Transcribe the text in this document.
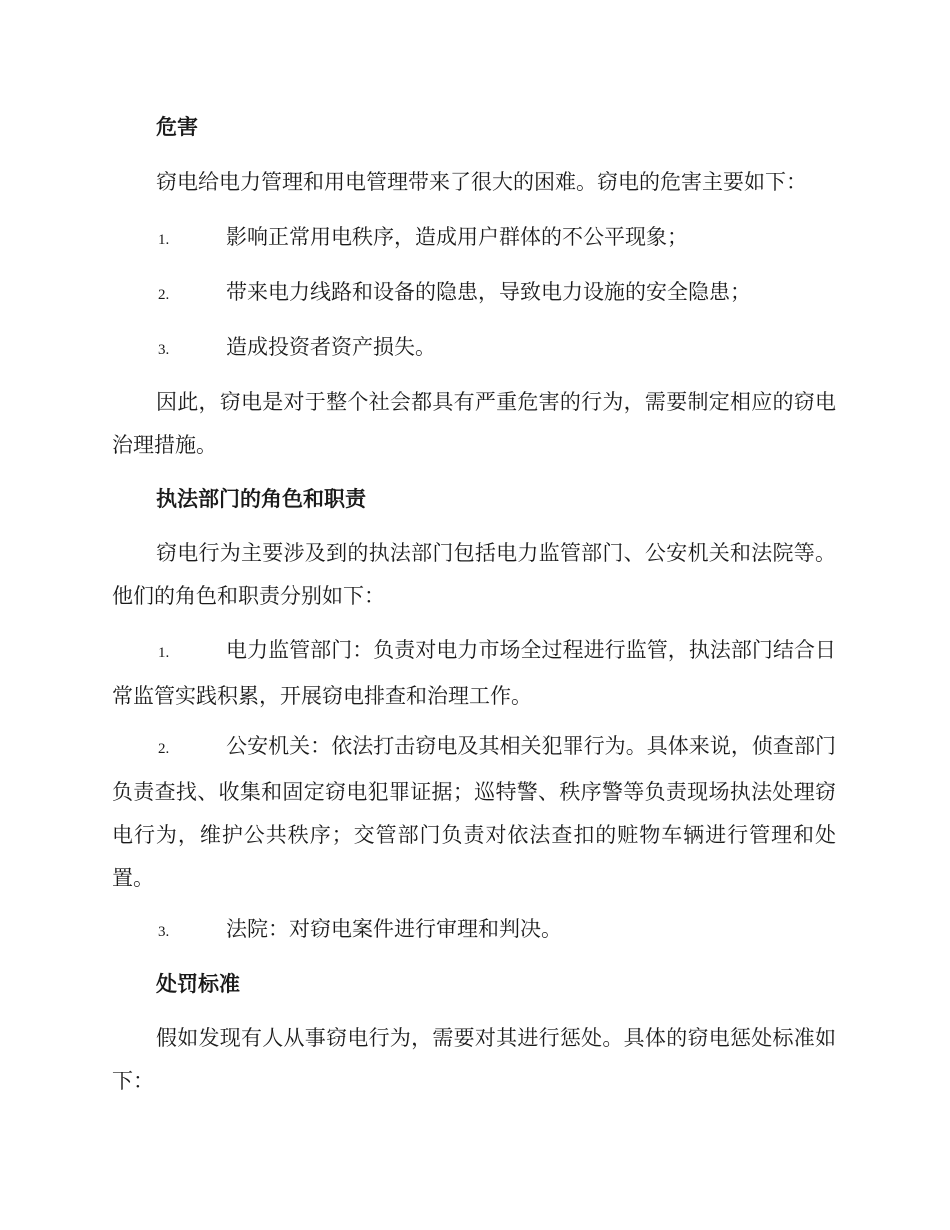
危害

窃电给电力管理和用电管理带来了很大的困难。窃电的危害主要如下：

1.	影响正常用电秩序，造成用户群体的不公平现象；

2.	带来电力线路和设备的隐患，导致电力设施的安全隐患；

3.	造成投资者资产损失。

因此，窃电是对于整个社会都具有严重危害的行为，需要制定相应的窃电治理措施。

执法部门的角色和职责

窃电行为主要涉及到的执法部门包括电力监管部门、公安机关和法院等。他们的角色和职责分别如下：

1.	电力监管部门：负责对电力市场全过程进行监管，执法部门结合日常监管实践积累，开展窃电排查和治理工作。

2.	公安机关：依法打击窃电及其相关犯罪行为。具体来说，侦查部门负责查找、收集和固定窃电犯罪证据；巡特警、秩序警等负责现场执法处理窃电行为，维护公共秩序；交管部门负责对依法查扣的赃物车辆进行管理和处置。

3.	法院：对窃电案件进行审理和判决。

处罚标准

假如发现有人从事窃电行为，需要对其进行惩处。具体的窃电惩处标准如下：
